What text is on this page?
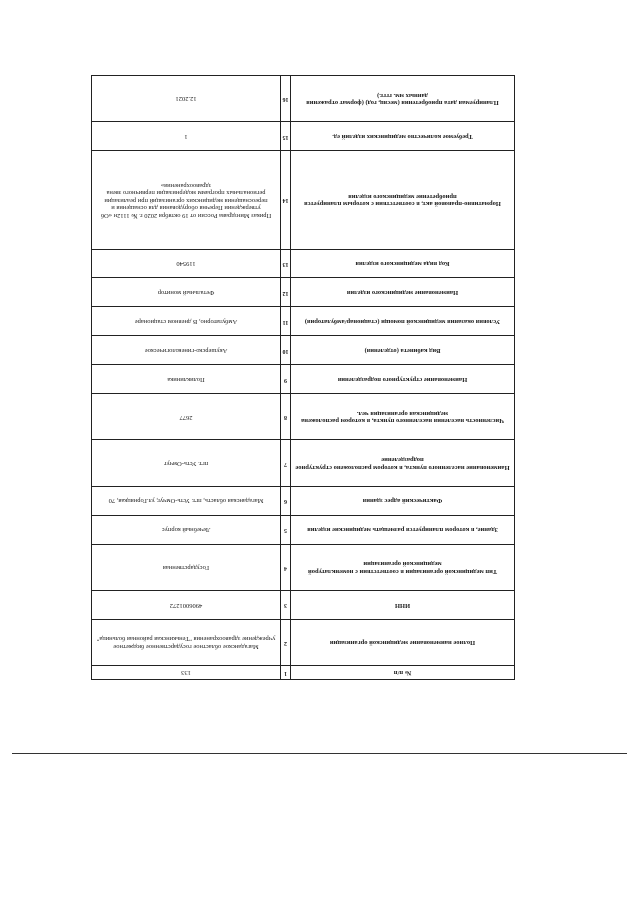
№ п/п	1	133
Полное наименование медицинской организации	2	Магаданское областное государственное бюджетное учреждение здравоохранения "Тенькинская районная больница"
ИНН	3	4906001272
Тип медицинской организации в соответствии с номенклатурой медицинской организации	4	Государственная
Здание, в котором планируется размещать медицинские изделия	5	Лечебный корпус
Фактический адрес здания	6	Магаданская область, пгт. Усть-Омчуг, ул.Горняцкая, 70
Наименование населенного пункта, в котором расположено структурное подразделение	7	пгт. Усть-Омчуг
Численность населения населенного пункта, в котором расположена медицинская организация чел.	8	2677
Наименование структурного подразделения	9	Поликлиника
Вид кабинета (отделения)	10	Акушерско-гинекологическое
Условия оказания медицинской помощи (стационар/амбулатория)	11	Амбулаторно, В дневном стационаре
Наименование медицинского изделия	12	Фетальный монитор
Код вида медицинского изделия	13	119540
Нормативно-правовой акт, в соответствии с которым планируется приобретение медицинского изделия	14	Приказ Минздрава России от 19 октября 2020 г. № 1112н «Об утверждении Перечня оборудования для оснащения и переоснащения медицинских организаций при реализации региональных программ модернизации первичного звена здравоохранения»
Требуемое количество медицинских изделий ед.	15	1
Планируемая дата приобретения (месяц, год) (формат отражения данных мм. гггг.)	16	12.2021
